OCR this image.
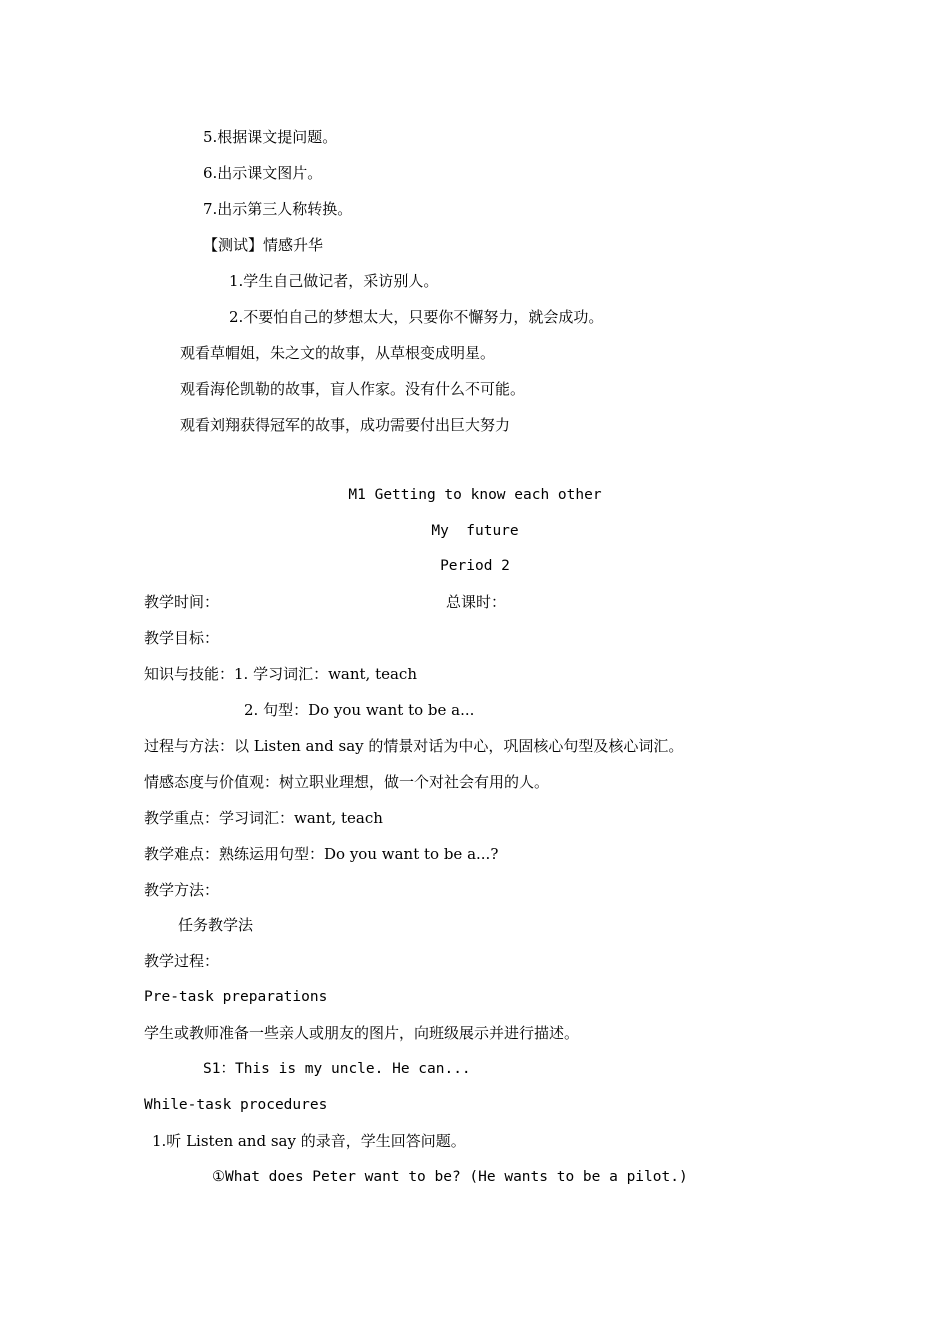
5.根据课文提问题。

6.出示课文图片。

7.出示第三人称转换。

【测试】情感升华

1.学生自己做记者，采访别人。

2.不要怕自己的梦想太大，只要你不懈努力，就会成功。

观看草帽姐，朱之文的故事，从草根变成明星。

观看海伦凯勒的故事，盲人作家。没有什么不可能。

观看刘翔获得冠军的故事，成功需要付出巨大努力

M1 Getting to know each other

My  future

Period 2

教学时间：	总课时：

教学目标：

知识与技能：1. 学习词汇：want, teach

2. 句型：Do you want to be a...

过程与方法：以 Listen and say 的情景对话为中心，巩固核心句型及核心词汇。

情感态度与价值观：树立职业理想，做一个对社会有用的人。

教学重点：学习词汇：want, teach

教学难点：熟练运用句型：Do you want to be a...?

教学方法：

任务教学法

教学过程：

Pre-task preparations

学生或教师准备一些亲人或朋友的图片，向班级展示并进行描述。

S1：This is my uncle. He can...

While-task procedures

1.听 Listen and say 的录音，学生回答问题。

①What does Peter want to be? (He wants to be a pilot.)
